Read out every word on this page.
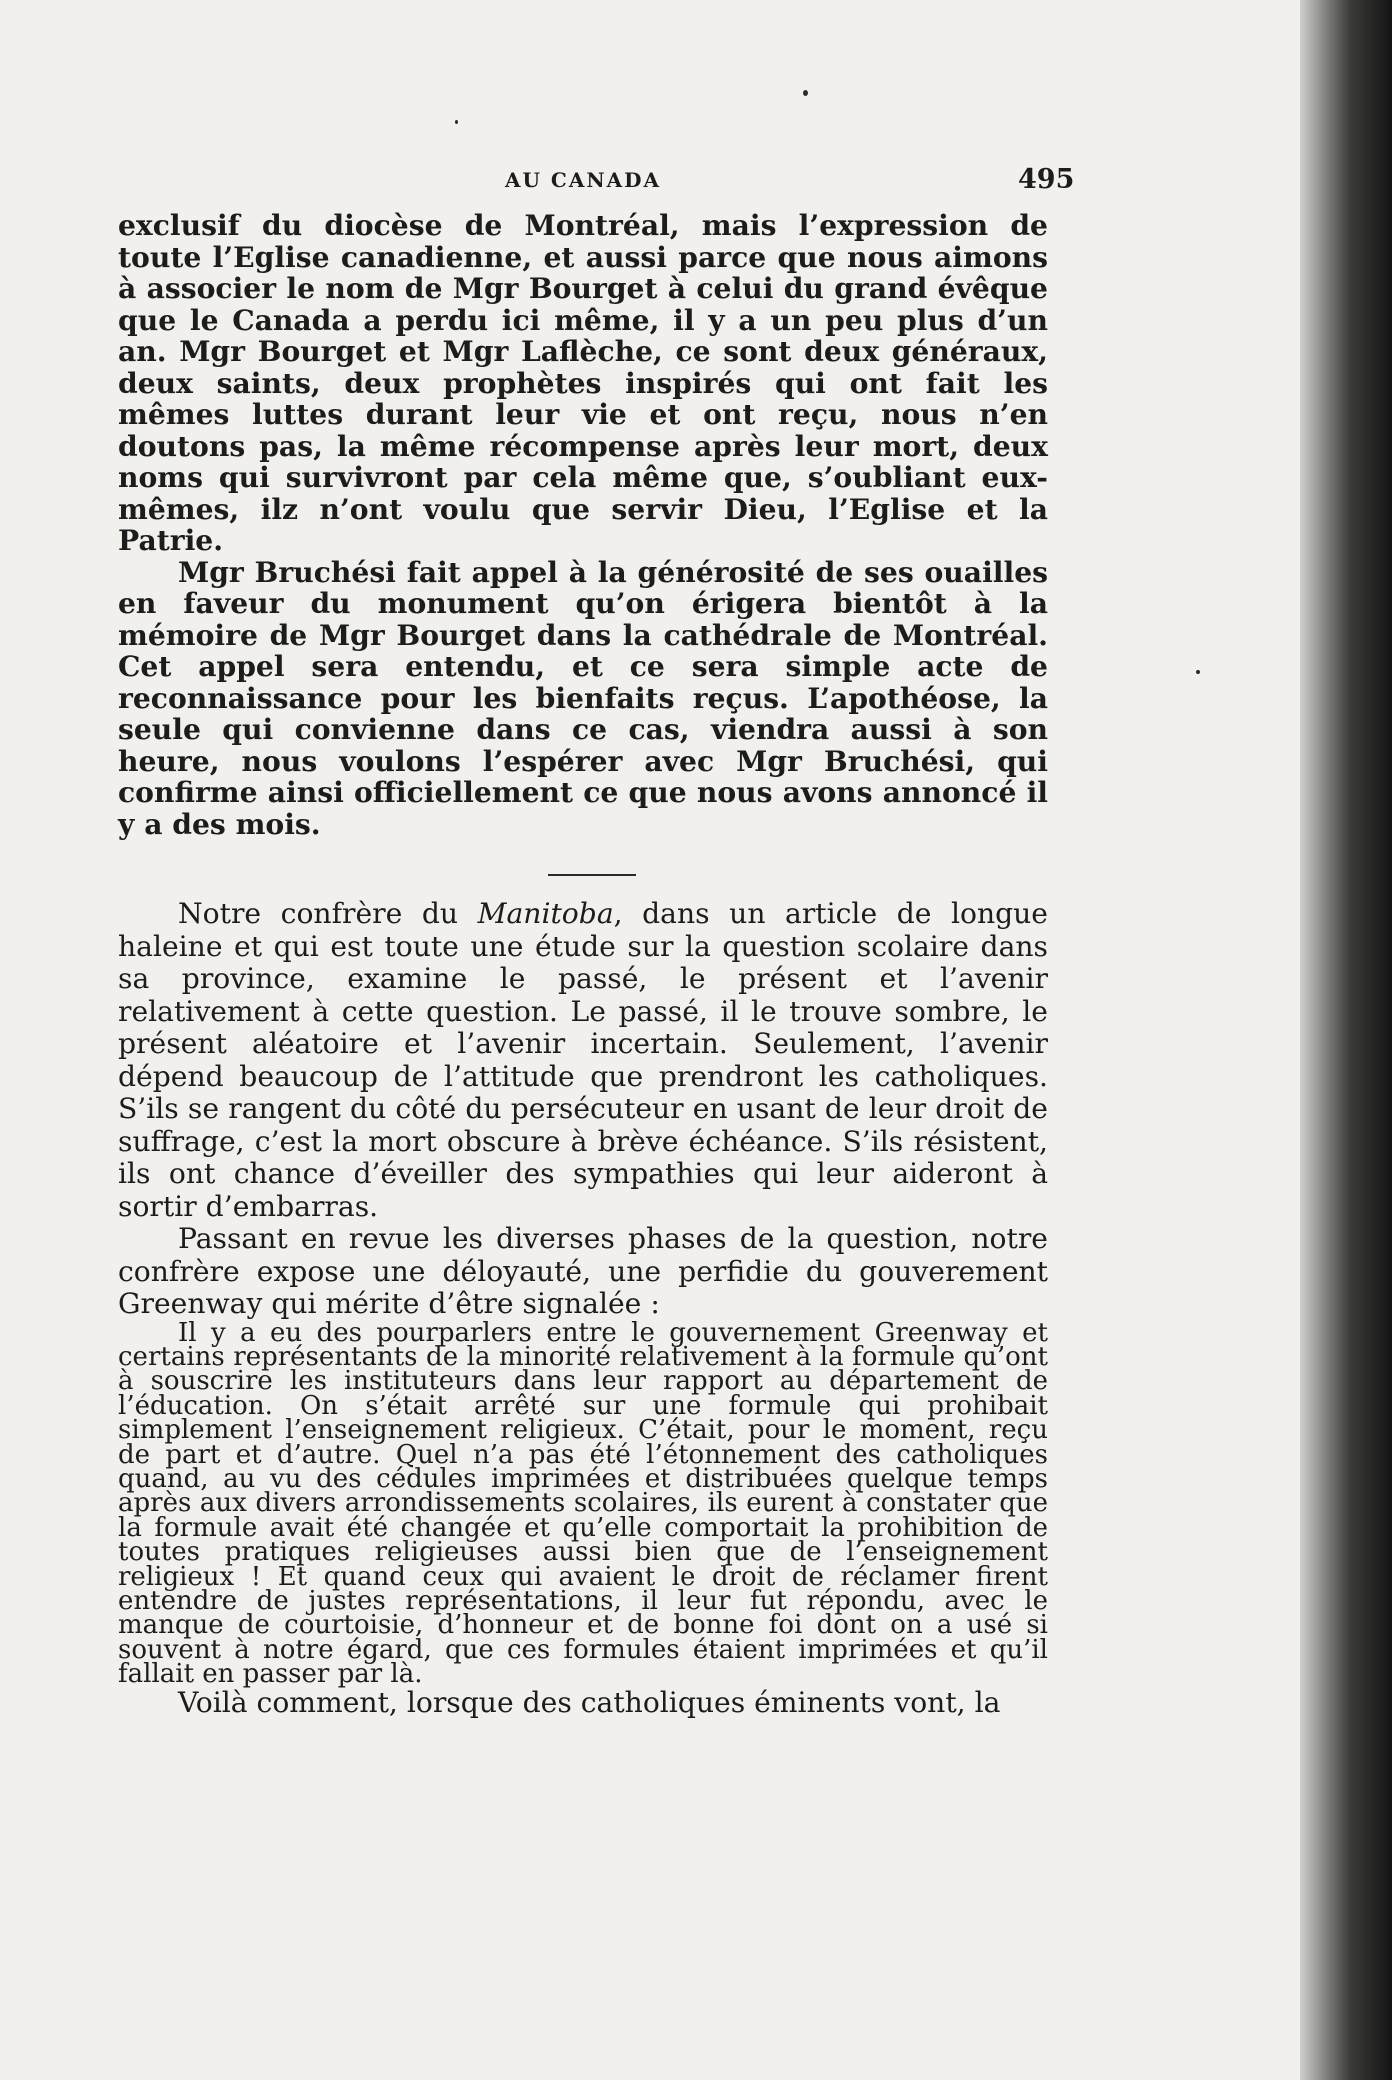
AU CANADA	495

exclusif du diocèse de Montréal, mais l’expression de toute l’Eglise canadienne, et aussi parce que nous aimons à associer le nom de Mgr Bourget à celui du grand évêque que le Canada a perdu ici même, il y a un peu plus d’un an. Mgr Bourget et Mgr Laflèche, ce sont deux généraux, deux saints, deux prophètes inspirés qui ont fait les mêmes luttes durant leur vie et ont reçu, nous n’en doutons pas, la même récompense après leur mort, deux noms qui survivront par cela même que, s’oubliant eux-mêmes, ilz n’ont voulu que servir Dieu, l’Eglise et la Patrie.

Mgr Bruchési fait appel à la générosité de ses ouailles en faveur du monument qu’on érigera bientôt à la mémoire de Mgr Bourget dans la cathédrale de Montréal. Cet appel sera entendu, et ce sera simple acte de reconnaissance pour les bienfaits reçus. L’apothéose, la seule qui convienne dans ce cas, viendra aussi à son heure, nous voulons l’espérer avec Mgr Bruchési, qui confirme ainsi officiellement ce que nous avons annoncé il y a des mois.

Notre confrère du Manitoba, dans un article de longue haleine et qui est toute une étude sur la question scolaire dans sa province, examine le passé, le présent et l’avenir relativement à cette question. Le passé, il le trouve sombre, le présent aléatoire et l’avenir incertain. Seulement, l’avenir dépend beaucoup de l’attitude que prendront les catholiques. S’ils se rangent du côté du persécuteur en usant de leur droit de suffrage, c’est la mort obscure à brève échéance. S’ils résistent, ils ont chance d’éveiller des sympathies qui leur aideront à sortir d’embarras.

Passant en revue les diverses phases de la question, notre confrère expose une déloyauté, une perfidie du gouverement Greenway qui mérite d’être signalée :

Il y a eu des pourparlers entre le gouvernement Greenway et certains représentants de la minorité relativement à la formule qu’ont à souscrire les instituteurs dans leur rapport au département de l’éducation. On s’était arrêté sur une formule qui prohibait simplement l’enseignement religieux. C’était, pour le moment, reçu de part et d’autre. Quel n’a pas été l’étonnement des catholiques quand, au vu des cédules imprimées et distribuées quelque temps après aux divers arrondissements scolaires, ils eurent à constater que la formule avait été changée et qu’elle comportait la prohibition de toutes pratiques religieuses aussi bien que de l’enseignement religieux ! Et quand ceux qui avaient le droit de réclamer firent entendre de justes représentations, il leur fut répondu, avec le manque de courtoisie, d’honneur et de bonne foi dont on a usé si souvent à notre égard, que ces formules étaient imprimées et qu’il fallait en passer par là.

Voilà comment, lorsque des catholiques éminents vont, la
